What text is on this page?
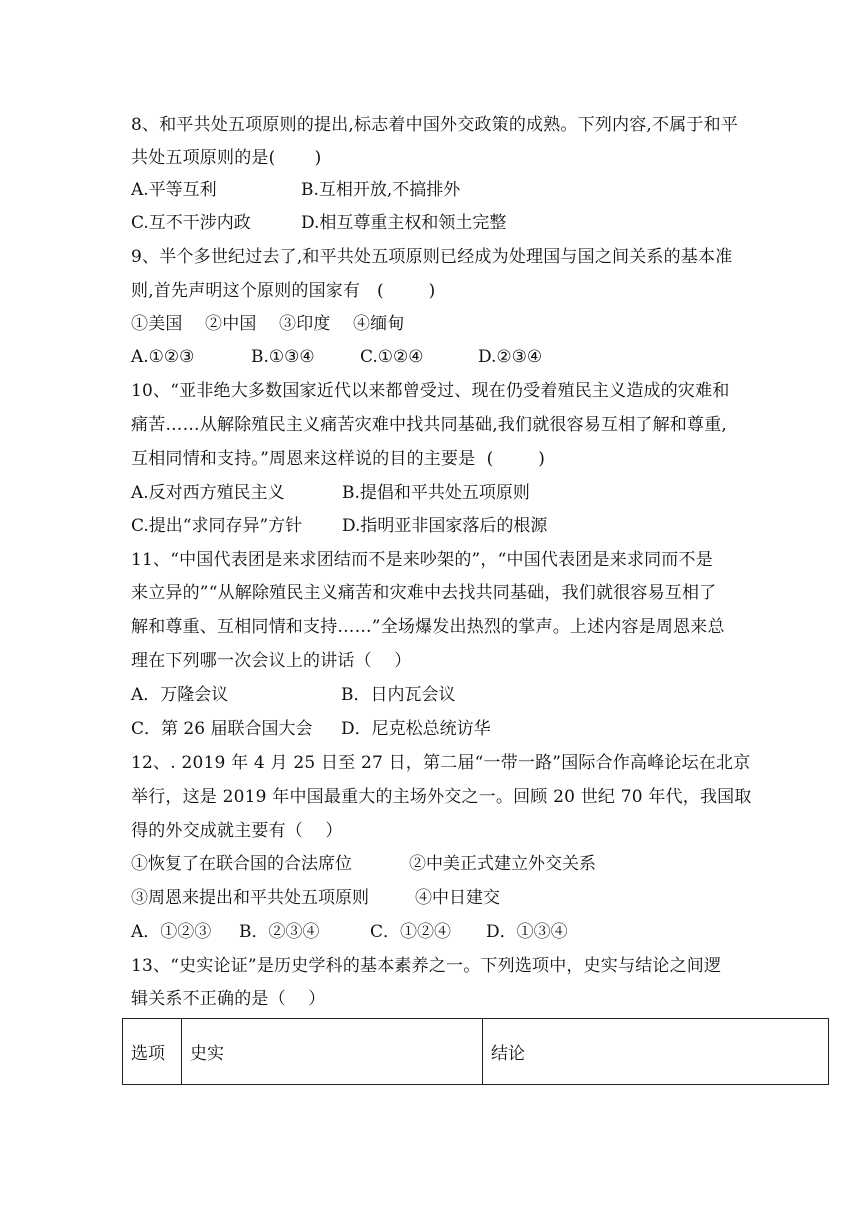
8、和平共处五项原则的提出,标志着中国外交政策的成熟。下列内容,不属于和平
共处五项原则的是(       )
A.平等互利	B.互相开放,不搞排外
C.互不干涉内政	D.相互尊重主权和领土完整
9、半个多世纪过去了,和平共处五项原则已经成为处理国与国之间关系的基本准
则,首先声明这个原则的国家有   (        )
①美国    ②中国    ③印度    ④缅甸
A.①②③	B.①③④	C.①②④	D.②③④
10、“亚非绝大多数国家近代以来都曾受过、现在仍受着殖民主义造成的灾难和
痛苦……从解除殖民主义痛苦灾难中找共同基础,我们就很容易互相了解和尊重,
互相同情和支持。”周恩来这样说的目的主要是  (        )
A.反对西方殖民主义	B.提倡和平共处五项原则
C.提出“求同存异”方针 D.指明亚非国家落后的根源
11、“中国代表团是来求团结而不是来吵架的”，“中国代表团是来求同而不是
来立异的”“从解除殖民主义痛苦和灾难中去找共同基础，我们就很容易互相了
解和尊重、互相同情和支持……”全场爆发出热烈的掌声。上述内容是周恩来总
理在下列哪一次会议上的讲话（    ）
A．万隆会议	B．日内瓦会议
C．第 26 届联合国大会 D．尼克松总统访华
12、. 2019 年 4 月 25 日至 27 日，第二届“一带一路”国际合作高峰论坛在北京
举行，这是 2019 年中国最重大的主场外交之一。回顾 20 世纪 70 年代，我国取
得的外交成就主要有（    ）
①恢复了在联合国的合法席位	②中美正式建立外交关系
③周恩来提出和平共处五项原则	④中日建交
A．①②③ B．②③④	C．①②④ D．①③④
13、“史实论证”是历史学科的基本素养之一。下列选项中，史实与结论之间逻
辑关系不正确的是（    ）
选项	史实	结论
